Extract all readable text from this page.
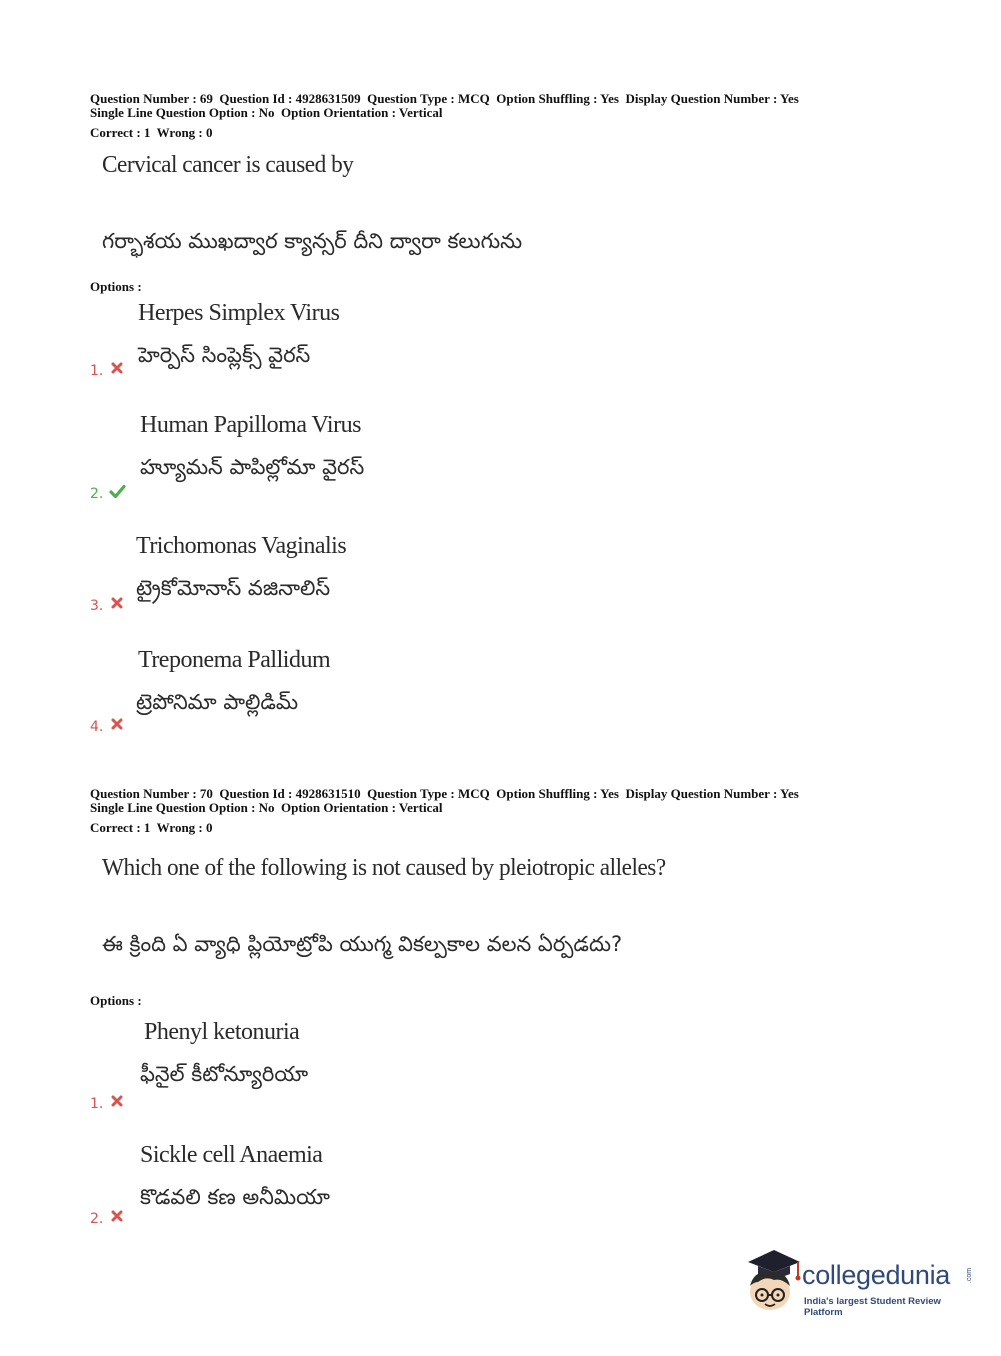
Question Number : 69  Question Id : 4928631509  Question Type : MCQ  Option Shuffling : Yes  Display Question Number : Yes
Single Line Question Option : No  Option Orientation : Vertical
Correct : 1  Wrong : 0
Cervical cancer is caused by
గర్భాశయ ముఖద్వార క్యాన్సర్ దీని ద్వారా కలుగును
Options :
Herpes Simplex Virus
హెర్పెస్ సింప్లెక్స్ వైరస్
1.
Human Papilloma Virus
హ్యూమన్ పాపిల్లోమా వైరస్
2.
Trichomonas Vaginalis
ట్రైకోమోనాస్ వజినాలిస్
3.
Treponema Pallidum
ట్రెపోనిమా పాల్లిడిమ్
4.
Question Number : 70  Question Id : 4928631510  Question Type : MCQ  Option Shuffling : Yes  Display Question Number : Yes
Single Line Question Option : No  Option Orientation : Vertical
Correct : 1  Wrong : 0
Which one of the following is not caused by pleiotropic alleles?
ఈ క్రింది ఏ వ్యాధి ప్లియోట్రోపి యుగ్మ వికల్పకాల వలన ఏర్పడదు?
Options :
Phenyl ketonuria
ఫీనైల్ కీటోన్యూరియా
1.
Sickle cell Anaemia
కొడవలి కణ అనీమియా
2.
collegedunia .com
India's largest Student Review Platform
